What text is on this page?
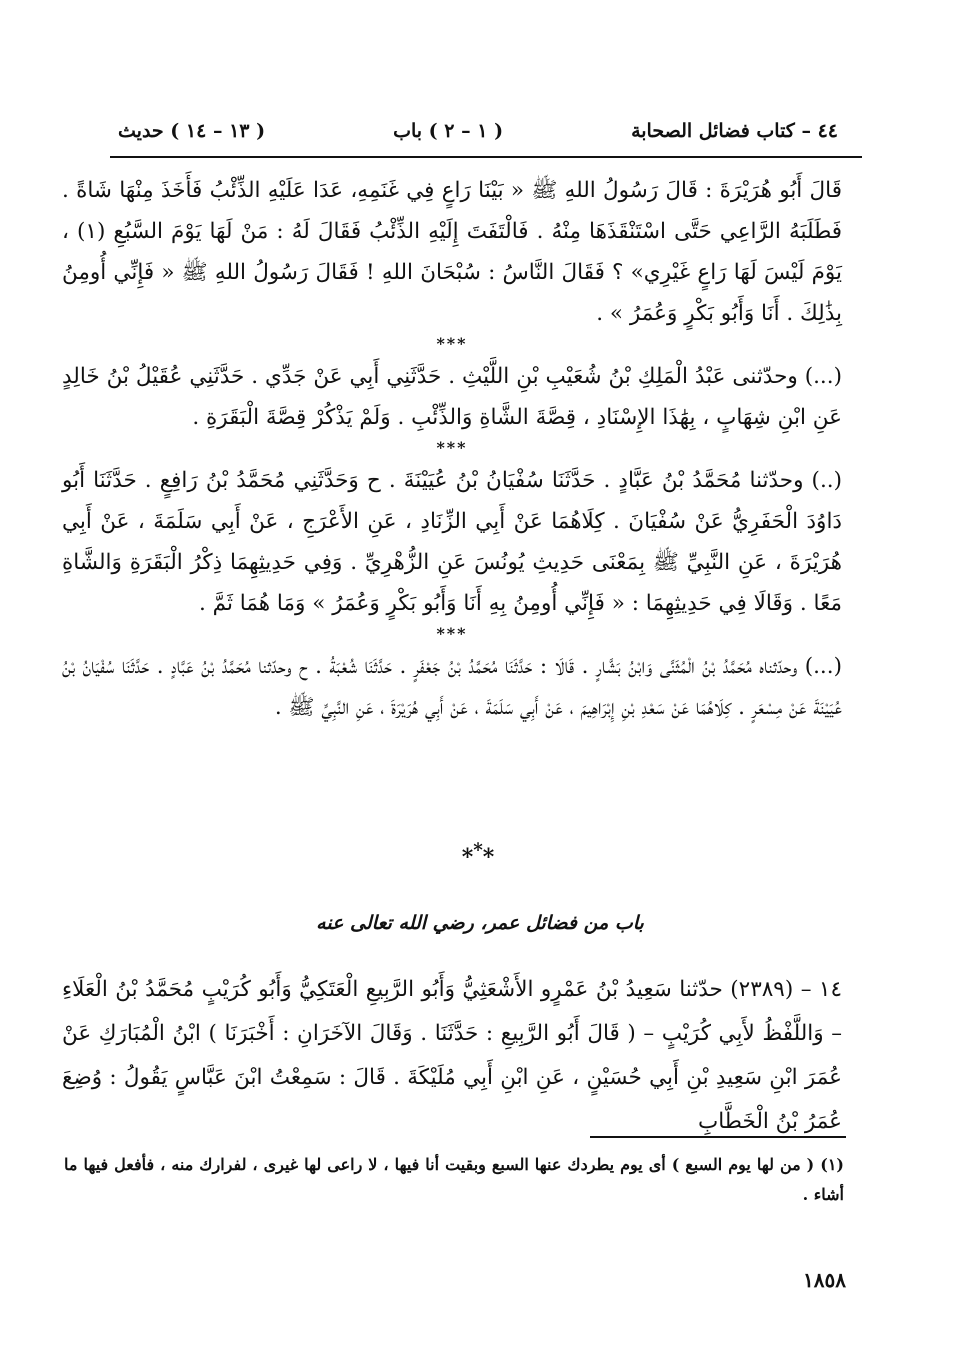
٤٤ – كتاب فضائل الصحابة
( ١ – ٢ ) باب
( ١٣ – ١٤ ) حديث

قَالَ أَبُو هُرَيْرَةَ : قَالَ رَسُولُ اللهِ ﷺ « بَيْنَا رَاعٍ فِي غَنَمِهِ، عَدَا عَلَيْهِ الذِّئْبُ فَأَخَذَ مِنْهَا شَاةً . فَطَلَبَهُ الرَّاعِي حَتَّى اسْتَنْقَذَهَا مِنْهُ . فَالْتَفَتَ إِلَيْهِ الذِّئْبُ فَقَالَ لَهُ : مَنْ لَهَا يَوْمَ السَّبُعِ (١) ، يَوْمَ لَيْسَ لَهَا رَاعٍ غَيْرِي» ؟ فَقَالَ النَّاسُ : سُبْحَانَ اللهِ ! فَقَالَ رَسُولُ اللهِ ﷺ « فَإِنِّي أُومِنُ بِذَٰلِكَ . أَنَا وَأَبُو بَكْرٍ وَعُمَرُ » .

***

(...) وحدّثنى عَبْدُ الْمَلِكِ بْنُ شُعَيْبِ بْنِ اللَّيْثِ . حَدَّثَنِي أَبِي عَنْ جَدِّي . حَدَّثَنِي عُقَيْلُ بْنُ خَالِدٍ عَنِ ابْنِ شِهَابٍ ، بِهَٰذَا الإِسْنَادِ ، قِصَّةَ الشَّاةِ وَالذِّئْبِ . وَلَمْ يَذْكُرْ قِصَّةَ الْبَقَرَةِ .

***

(..) وحدّثنا مُحَمَّدُ بْنُ عَبَّادٍ . حَدَّثَنَا سُفْيَانُ بْنُ عُيَيْنَةَ . ح وَحَدَّثَنِي مُحَمَّدُ بْنُ رَافِعٍ . حَدَّثَنَا أَبُو دَاوُدَ الْحَفَرِيُّ عَنْ سُفْيَانَ . كِلَاهُمَا عَنْ أَبِي الزِّنَادِ ، عَنِ الأَعْرَجِ ، عَنْ أَبِي سَلَمَةَ ، عَنْ أَبِي هُرَيْرَةَ ، عَنِ النَّبِيِّ ﷺ بِمَعْنَى حَدِيثِ يُونُسَ عَنِ الزُّهْرِيِّ . وَفِي حَدِيثِهِمَا ذِكْرُ الْبَقَرَةِ وَالشَّاةِ مَعًا . وَقَالَا فِي حَدِيثِهِمَا : « فَإِنِّي أُومِنُ بِهِ أَنَا وَأَبُو بَكْرٍ وَعُمَرُ » وَمَا هُمَا ثَمَّ .

***

(...) وحدّثناه مُحَمَّدُ بْنُ الْمُثَنَّى وَابْنُ بَشَّارٍ . قَالَا : حَدَّثَنَا مُحَمَّدُ بْنُ جَعْفَرٍ . حَدَّثَنَا شُعْبَةُ . ح وحدّثنا مُحَمَّدُ بْنُ عَبَّادٍ . حَدَّثَنَا سُفْيَانُ بْنُ عُيَيْنَةَ عَنْ مِسْعَرٍ . كِلَاهُمَا عَنْ سَعْدِ بْنِ إِبْرَاهِيمَ ، عَنْ أَبِي سَلَمَةَ ، عَنْ أَبِي هُرَيْرَةَ ، عَنِ النَّبِيِّ ﷺ .

***
باب من فضائل عمر، رضي الله تعالى عنه

١٤ – (٢٣٨٩) حدّثنا سَعِيدُ بْنُ عَمْرٍو الأَشْعَثِيُّ وَأَبُو الرَّبِيعِ الْعَتَكِيُّ وَأَبُو كُرَيْبٍ مُحَمَّدُ بْنُ الْعَلَاءِ – وَاللَّفْظُ لأَبِي كُرَيْبٍ – ( قَالَ أَبُو الرَّبِيعِ : حَدَّثَنَا . وَقَالَ الآخَرَانِ : أَخْبَرَنَا ) ابْنُ الْمُبَارَكِ عَنْ عُمَرَ ابْنِ سَعِيدِ بْنِ أَبِي حُسَيْنٍ ، عَنِ ابْنِ أَبِي مُلَيْكَةَ . قَالَ : سَمِعْتُ ابْنَ عَبَّاسٍ يَقُولُ : وُضِعَ عُمَرُ بْنُ الْخَطَّابِ

(١) ( من لها يوم السبع ) أى يوم يطردك عنها السبع وبقيت أنا فيها ، لا راعى لها غيرى ، لفرارك منه ، فأفعل فيها ما أشاء .

١٨٥٨
